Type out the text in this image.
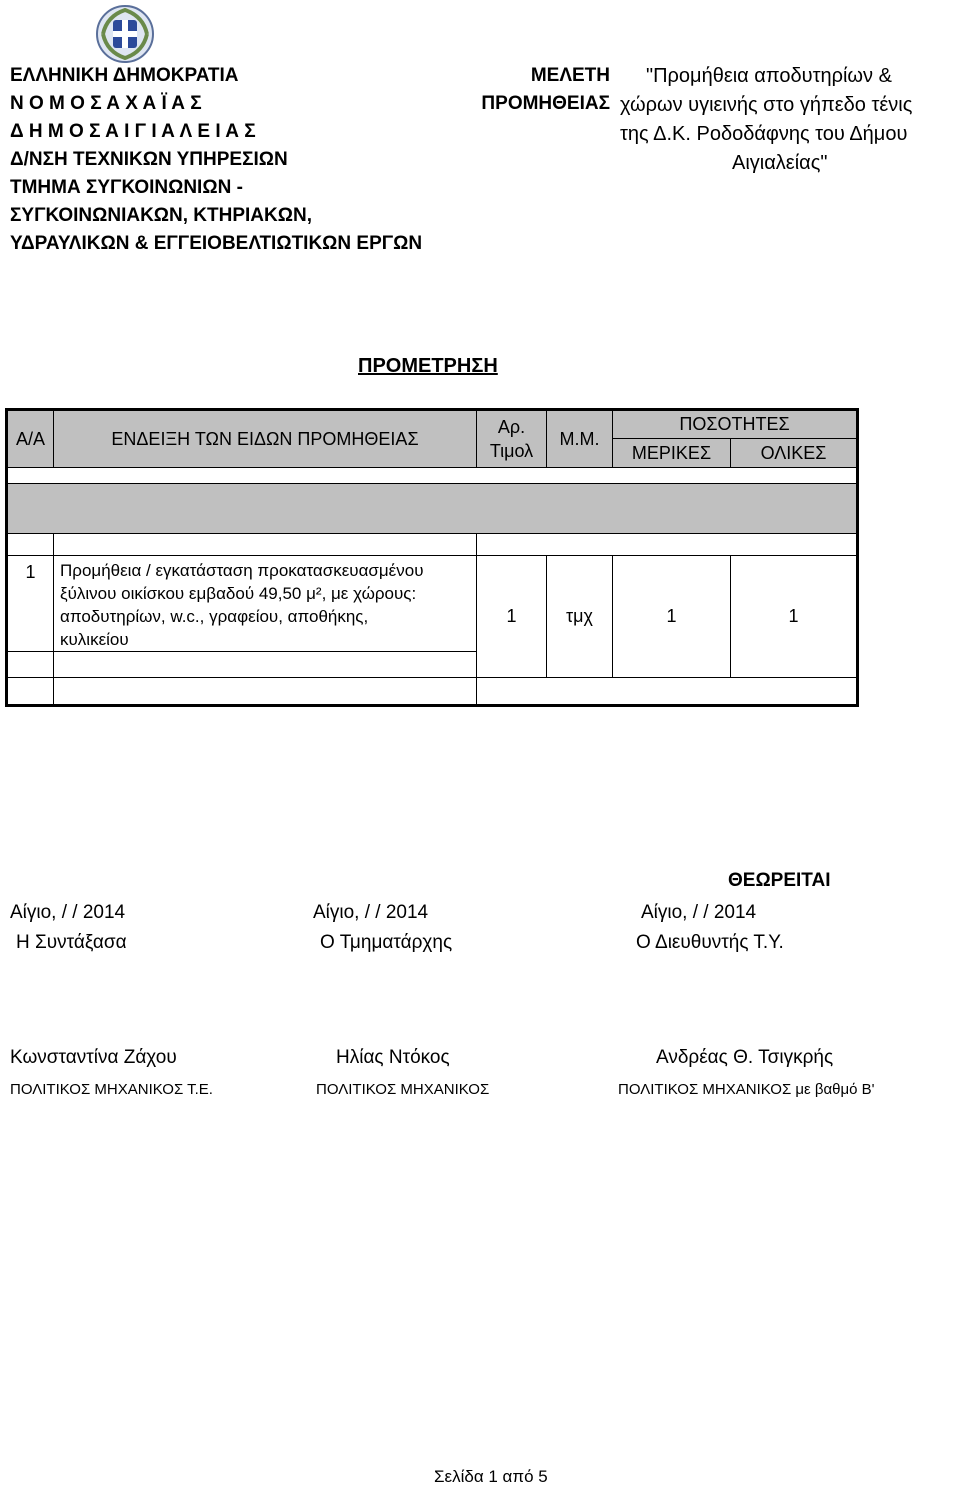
ΕΛΛΗΝΙΚΗ ΔΗΜΟΚΡΑΤΙΑ
Ν Ο Μ Ο Σ Α Χ Α Ϊ Α Σ
Δ Η Μ Ο Σ Α Ι Γ Ι Α Λ Ε Ι Α Σ
Δ/ΝΣΗ ΤΕΧΝΙΚΩΝ ΥΠΗΡΕΣΙΩΝ
ΤΜΗΜΑ ΣΥΓΚΟΙΝΩΝΙΩΝ -
ΣΥΓΚΟΙΝΩΝΙΑΚΩΝ, ΚΤΗΡΙΑΚΩΝ,
ΥΔΡΑΥΛΙΚΩΝ & ΕΓΓΕΙΟΒΕΛΤΙΩΤΙΚΩΝ ΕΡΓΩΝ
ΜΕΛΕΤΗ
ΠΡΟΜΗΘΕΙΑΣ
"Προμήθεια αποδυτηρίων &
χώρων υγιεινής στο γήπεδο τένις
της Δ.Κ. Ροδοδάφνης του Δήμου
Αιγιαλείας"
ΠΡΟΜΕΤΡΗΣΗ
Α/Α	ΕΝΔΕΙΞΗ ΤΩΝ ΕΙΔΩΝ ΠΡΟΜΗΘΕΙΑΣ	Αρ.
Τιμολ	Μ.Μ.	ΠΟΣΟΤΗΤΕΣ	
				ΜΕΡΙΚΕΣ	ΟΛΙΚΕΣ

1	Προμήθεια / εγκατάσταση προκατασκευασμένου
ξύλινου οικίσκου εμβαδού 49,50 μ², με χώρους:
αποδυτηρίων, w.c., γραφείου, αποθήκης,
κυλικείου	1	τμχ	1	1

ΘΕΩΡΕΙΤΑΙ
Αίγιο, / / 2014	Αίγιο, / / 2014	Αίγιο, / / 2014
Η Συντάξασα	Ο Τμηματάρχης	Ο Διευθυντής Τ.Υ.
Κωνσταντίνα Ζάχου	Ηλίας Ντόκος	Ανδρέας Θ. Τσιγκρής
ΠΟΛΙΤΙΚΟΣ ΜΗΧΑΝΙΚΟΣ Τ.Ε.	ΠΟΛΙΤΙΚΟΣ ΜΗΧΑΝΙΚΟΣ	ΠΟΛΙΤΙΚΟΣ ΜΗΧΑΝΙΚΟΣ με βαθμό Β'
Σελίδα 1 από 5
